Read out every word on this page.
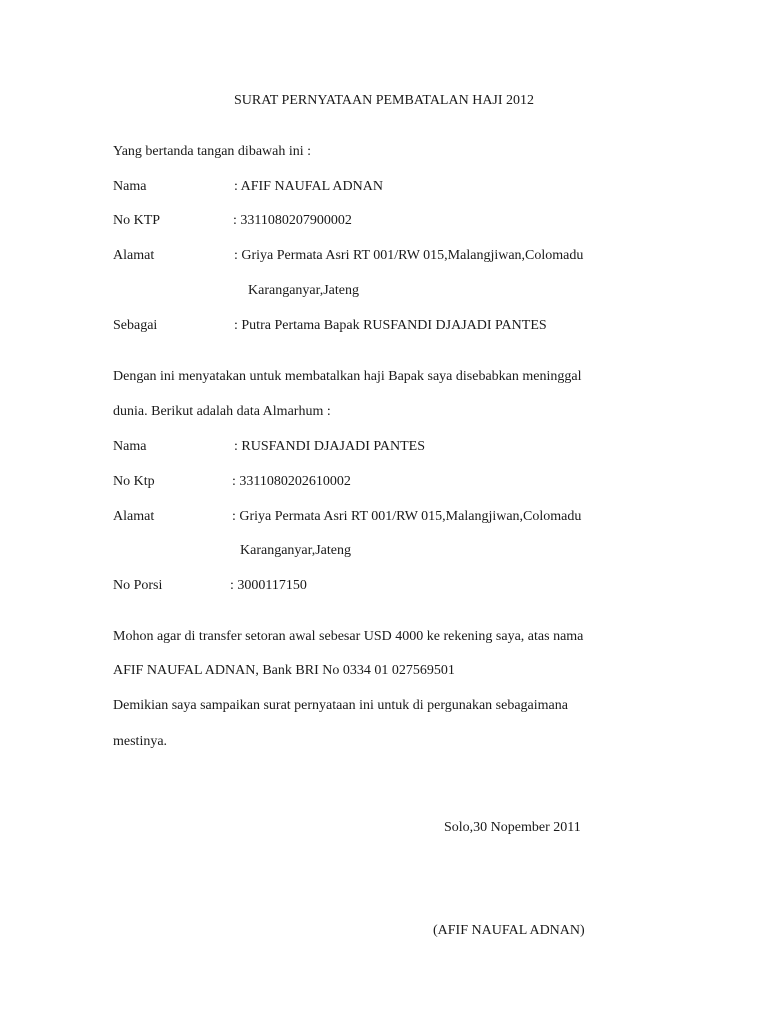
SURAT PERNYATAAN PEMBATALAN HAJI 2012
Yang bertanda tangan dibawah ini :
Nama	: AFIF NAUFAL ADNAN
No KTP	: 3311080207900002
Alamat	: Griya Permata Asri RT 001/RW 015,Malangjiwan,Colomadu
Karanganyar,Jateng
Sebagai	: Putra Pertama Bapak RUSFANDI DJAJADI PANTES
Dengan ini menyatakan untuk membatalkan haji Bapak saya disebabkan meninggal
dunia. Berikut adalah data Almarhum :
Nama	: RUSFANDI DJAJADI PANTES
No Ktp	: 3311080202610002
Alamat	: Griya Permata Asri RT 001/RW 015,Malangjiwan,Colomadu
Karanganyar,Jateng
No Porsi	: 3000117150
Mohon agar di transfer setoran awal sebesar USD 4000 ke rekening saya, atas nama
AFIF NAUFAL ADNAN, Bank BRI No 0334 01 027569501
Demikian saya sampaikan surat pernyataan ini untuk di pergunakan sebagaimana
mestinya.
Solo,30 Nopember 2011
(AFIF NAUFAL ADNAN)
